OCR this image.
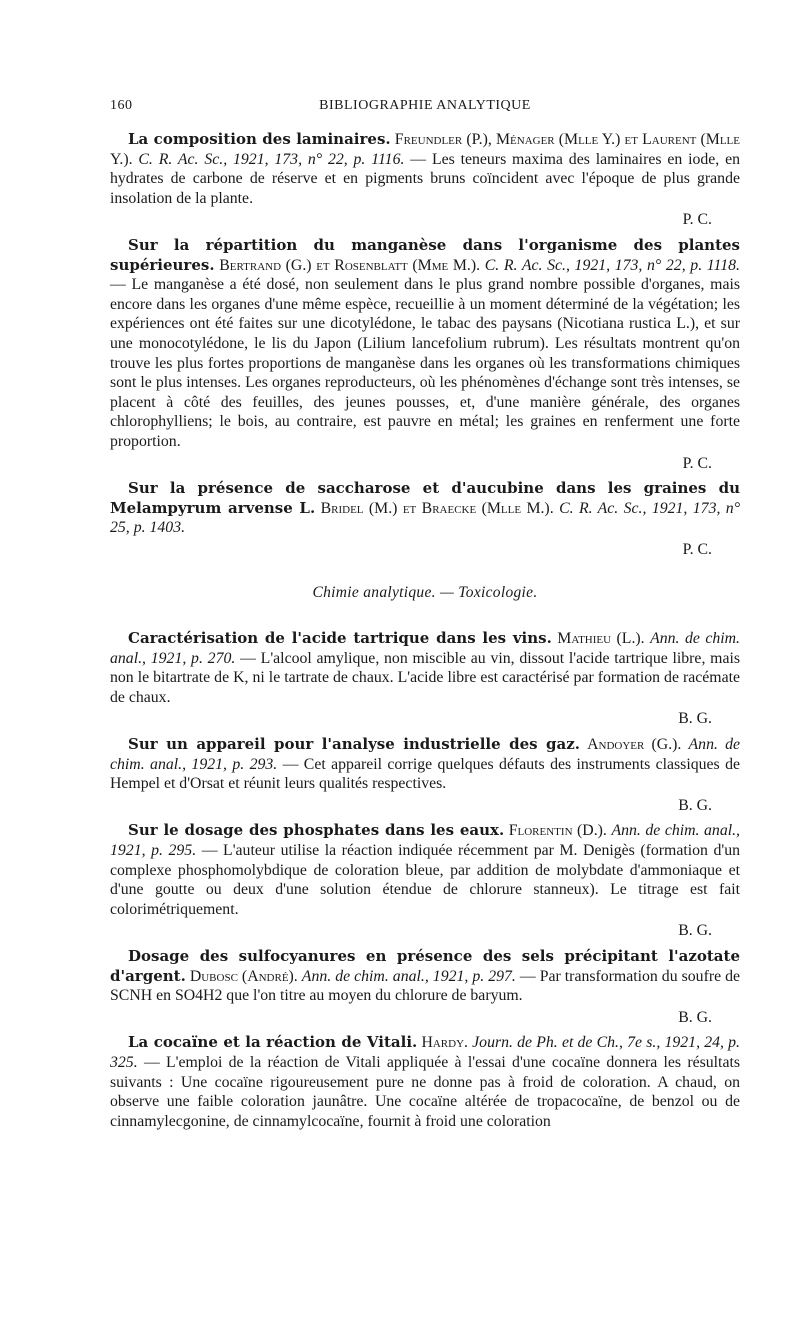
160	BIBLIOGRAPHIE ANALYTIQUE

La composition des laminaires. Freundler (P.), Ménager (Mlle Y.) et Laurent (Mlle Y.). C. R. Ac. Sc., 1921, 173, n° 22, p. 1116. — Les teneurs maxima des laminaires en iode, en hydrates de carbone de réserve et en pigments bruns coïncident avec l'époque de plus grande insolation de la plante.

P. C.

Sur la répartition du manganèse dans l'organisme des plantes supérieures. Bertrand (G.) et Rosenblatt (Mme M.). C. R. Ac. Sc., 1921, 173, n° 22, p. 1118. — Le manganèse a été dosé, non seulement dans le plus grand nombre possible d'organes, mais encore dans les organes d'une même espèce, recueillie à un moment déterminé de la végétation; les expériences ont été faites sur une dicotylédone, le tabac des paysans (Nicotiana rustica L.), et sur une monocotylédone, le lis du Japon (Lilium lancefolium rubrum). Les résultats montrent qu'on trouve les plus fortes proportions de manganèse dans les organes où les transformations chimiques sont le plus intenses. Les organes reproducteurs, où les phénomènes d'échange sont très intenses, se placent à côté des feuilles, des jeunes pousses, et, d'une manière générale, des organes chlorophylliens; le bois, au contraire, est pauvre en métal; les graines en renferment une forte proportion.

P. C.

Sur la présence de saccharose et d'aucubine dans les graines du Melampyrum arvense L. Bridel (M.) et Braecke (Mlle M.). C. R. Ac. Sc., 1921, 173, n° 25, p. 1403.

P. C.
Chimie analytique. — Toxicologie.

Caractérisation de l'acide tartrique dans les vins. Mathieu (L.). Ann. de chim. anal., 1921, p. 270. — L'alcool amylique, non miscible au vin, dissout l'acide tartrique libre, mais non le bitartrate de K, ni le tartrate de chaux. L'acide libre est caractérisé par formation de racémate de chaux.

B. G.

Sur un appareil pour l'analyse industrielle des gaz. Andoyer (G.). Ann. de chim. anal., 1921, p. 293. — Cet appareil corrige quelques défauts des instruments classiques de Hempel et d'Orsat et réunit leurs qualités respectives.

B. G.

Sur le dosage des phosphates dans les eaux. Florentin (D.). Ann. de chim. anal., 1921, p. 295. — L'auteur utilise la réaction indiquée récemment par M. Denigès (formation d'un complexe phosphomolybdique de coloration bleue, par addition de molybdate d'ammoniaque et d'une goutte ou deux d'une solution étendue de chlorure stanneux). Le titrage est fait colorimétriquement.

B. G.

Dosage des sulfocyanures en présence des sels précipitant l'azotate d'argent. Dubosc (André). Ann. de chim. anal., 1921, p. 297. — Par transformation du soufre de SCNH en SO4H2 que l'on titre au moyen du chlorure de baryum.

B. G.

La cocaïne et la réaction de Vitali. Hardy. Journ. de Ph. et de Ch., 7e s., 1921, 24, p. 325. — L'emploi de la réaction de Vitali appliquée à l'essai d'une cocaïne donnera les résultats suivants : Une cocaïne rigoureusement pure ne donne pas à froid de coloration. A chaud, on observe une faible coloration jaunâtre. Une cocaïne altérée de tropacocaïne, de benzol ou de cinnamylecgonine, de cinnamylcocaïne, fournit à froid une coloration
